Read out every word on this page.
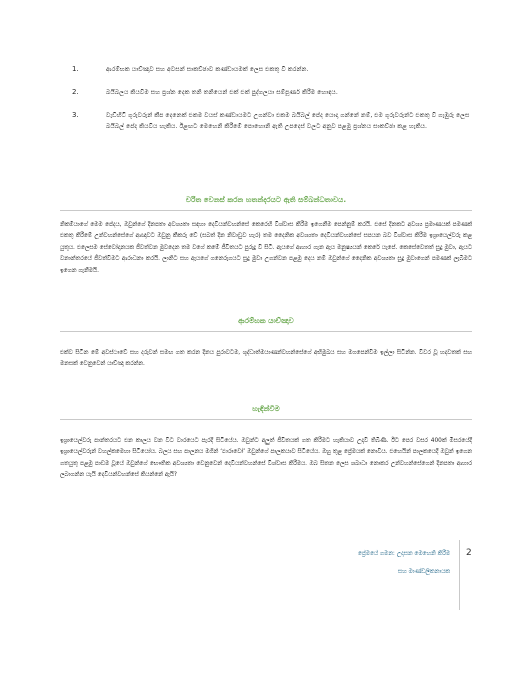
1.	ආරම්භක යාච්ඤාව සහ අවසන් සාකච්ඡාව කණ්ඩායමක් ලෙස එකතු වී කරන්න.
2.	බයිබලය කියවීම සහ ප්‍රශ්න දෙක තනි තනියෙන් එක් එක් පුද්ගලයා සම්පූර්ණ කිරීම හොඳය.
3.	වැඩිහිටි ගුරුවරුන් කීප දෙනෙක් එකම වයස් කණ්ඩායමට උගන්වා එකම බයිබල් පේද යොදා ගන්නේ නම්, එම ගුරුවරුන්ට එකතු වී ගැඹුරු ලෙස බයිබල් පේද කියවිය හැකිය. ඊළඟට මෙහෙනි කිරීමේ පොහොනි ඇති උපදෙස් වලට අනුව පළමු ප්‍රශ්නය සාකච්ඡා කළ හැකිය.
චරිත වෙනස් කරන හතන්දරයට ඇති සම්බන්ධතාවය.

නිකම්යාගේ මෙම පේදය, ඔවුන්ගේ දිනපතා අවශ්‍යතා සඳහා දෙවියන්වහන්සේ කෙරෙහි විශ්වාස කිරීම ඉගෙනීම පෙන්නුම් කරයි. එසේ දිනකට අවශ්‍ය ප්‍රමාණයක් පමණක් එකතු කිරීමේ උන්වහන්සේගේ ආඥාවට ඔවුනු කීකරු වේ (සබත් දින නිවාඩුව හැර) තම දෛනික අවශ්‍යතා දෙවියන්වහන්සේ සපයන බව විශ්වාස කිරීම ඉශ්‍රායෙල්වරු කළ යුතුය. එලෙසම සේවෝදානයක ජීවත්වන මුවදෙන තම වගේ කමේ ජීවිතයට පුරුදු වී සිටී. ඇයගේ ආහාර ගැන ඇය මනුෂ්‍යයන් කෙරේ යැපේ. කෙසේවෙතත් සුදු මුවා, ඇයට වනාන්තරයේ ජීවත්වීමට ආරාධනා කරයි. ලානිට සහ ඇයගේ ගනෙරුගයට සුදු මුවා උගන්වන පළමු දෙය නම් ඔවුන්ගේ දෛනික අවශ්‍යතා සුදු මුවාගෙන් පමණක් ලැබීමට ඉගෙන ගැනීමයි.

ආරම්භක යාච්ඤාව

එක්ව සිටින මේ අවස්ථාවේ සහ දරුවන් සමඟ ගත කරන දිනය පුරාවටම, ශුද්ධාත්මයාණන්වහන්සේගේ අභිමුඛය සහ මගපෙන්වීම ඉල්ලා සිටින්න. විවර වූ හදවතක් සහ මනසක් වෙනුවෙන් යාච්ඤා කරන්න.

හැඳින්වීම

ඉශ්‍රායෙල්වරු පාන්තරයට එන කාලය වන විට වාරයෙට පැරදී සිටියේය. ඔවුන්ට අලුත් ජීවිතයක් ගත කිරීමට හැකියාව උදාවී තිබිණි. ඊට පෙර වසර 400ක් මිසරයේදී ඉශ්‍රායෙල්වරුන් වහල්කමෙහා සිටියෝය. බලය සහ පාලනය මගින් ‘ඵාරාවෝ’ ඔවුන්ගේ පාලකයාව සිටියේය. ඔහු තුළ ප්‍රේමයක් නොවීය. එහෙයින් පාලකයෙදී ඔවුන් ඉගෙන ගතයුතු පළමු පාඩම වූයේ ඔවුන්ගේ භෞතික අවශ්‍යතා වෙනුවෙන් දෙවියන්වහන්සේ විශ්වාස කිරීමය. ඔබ සිතන ලෙස ශබාධා නොකර උන්වහන්සේගෙන් දිනපතා ආහාර ලබාගන්න යැයි දෙවියන්වහන්සේ කියන්නේ ඇයි?

ප්‍රේමයේ ගමන: උදාසන මෙහෙනි කිරීම
සහ මාණ්ඩලිකනායක
2
